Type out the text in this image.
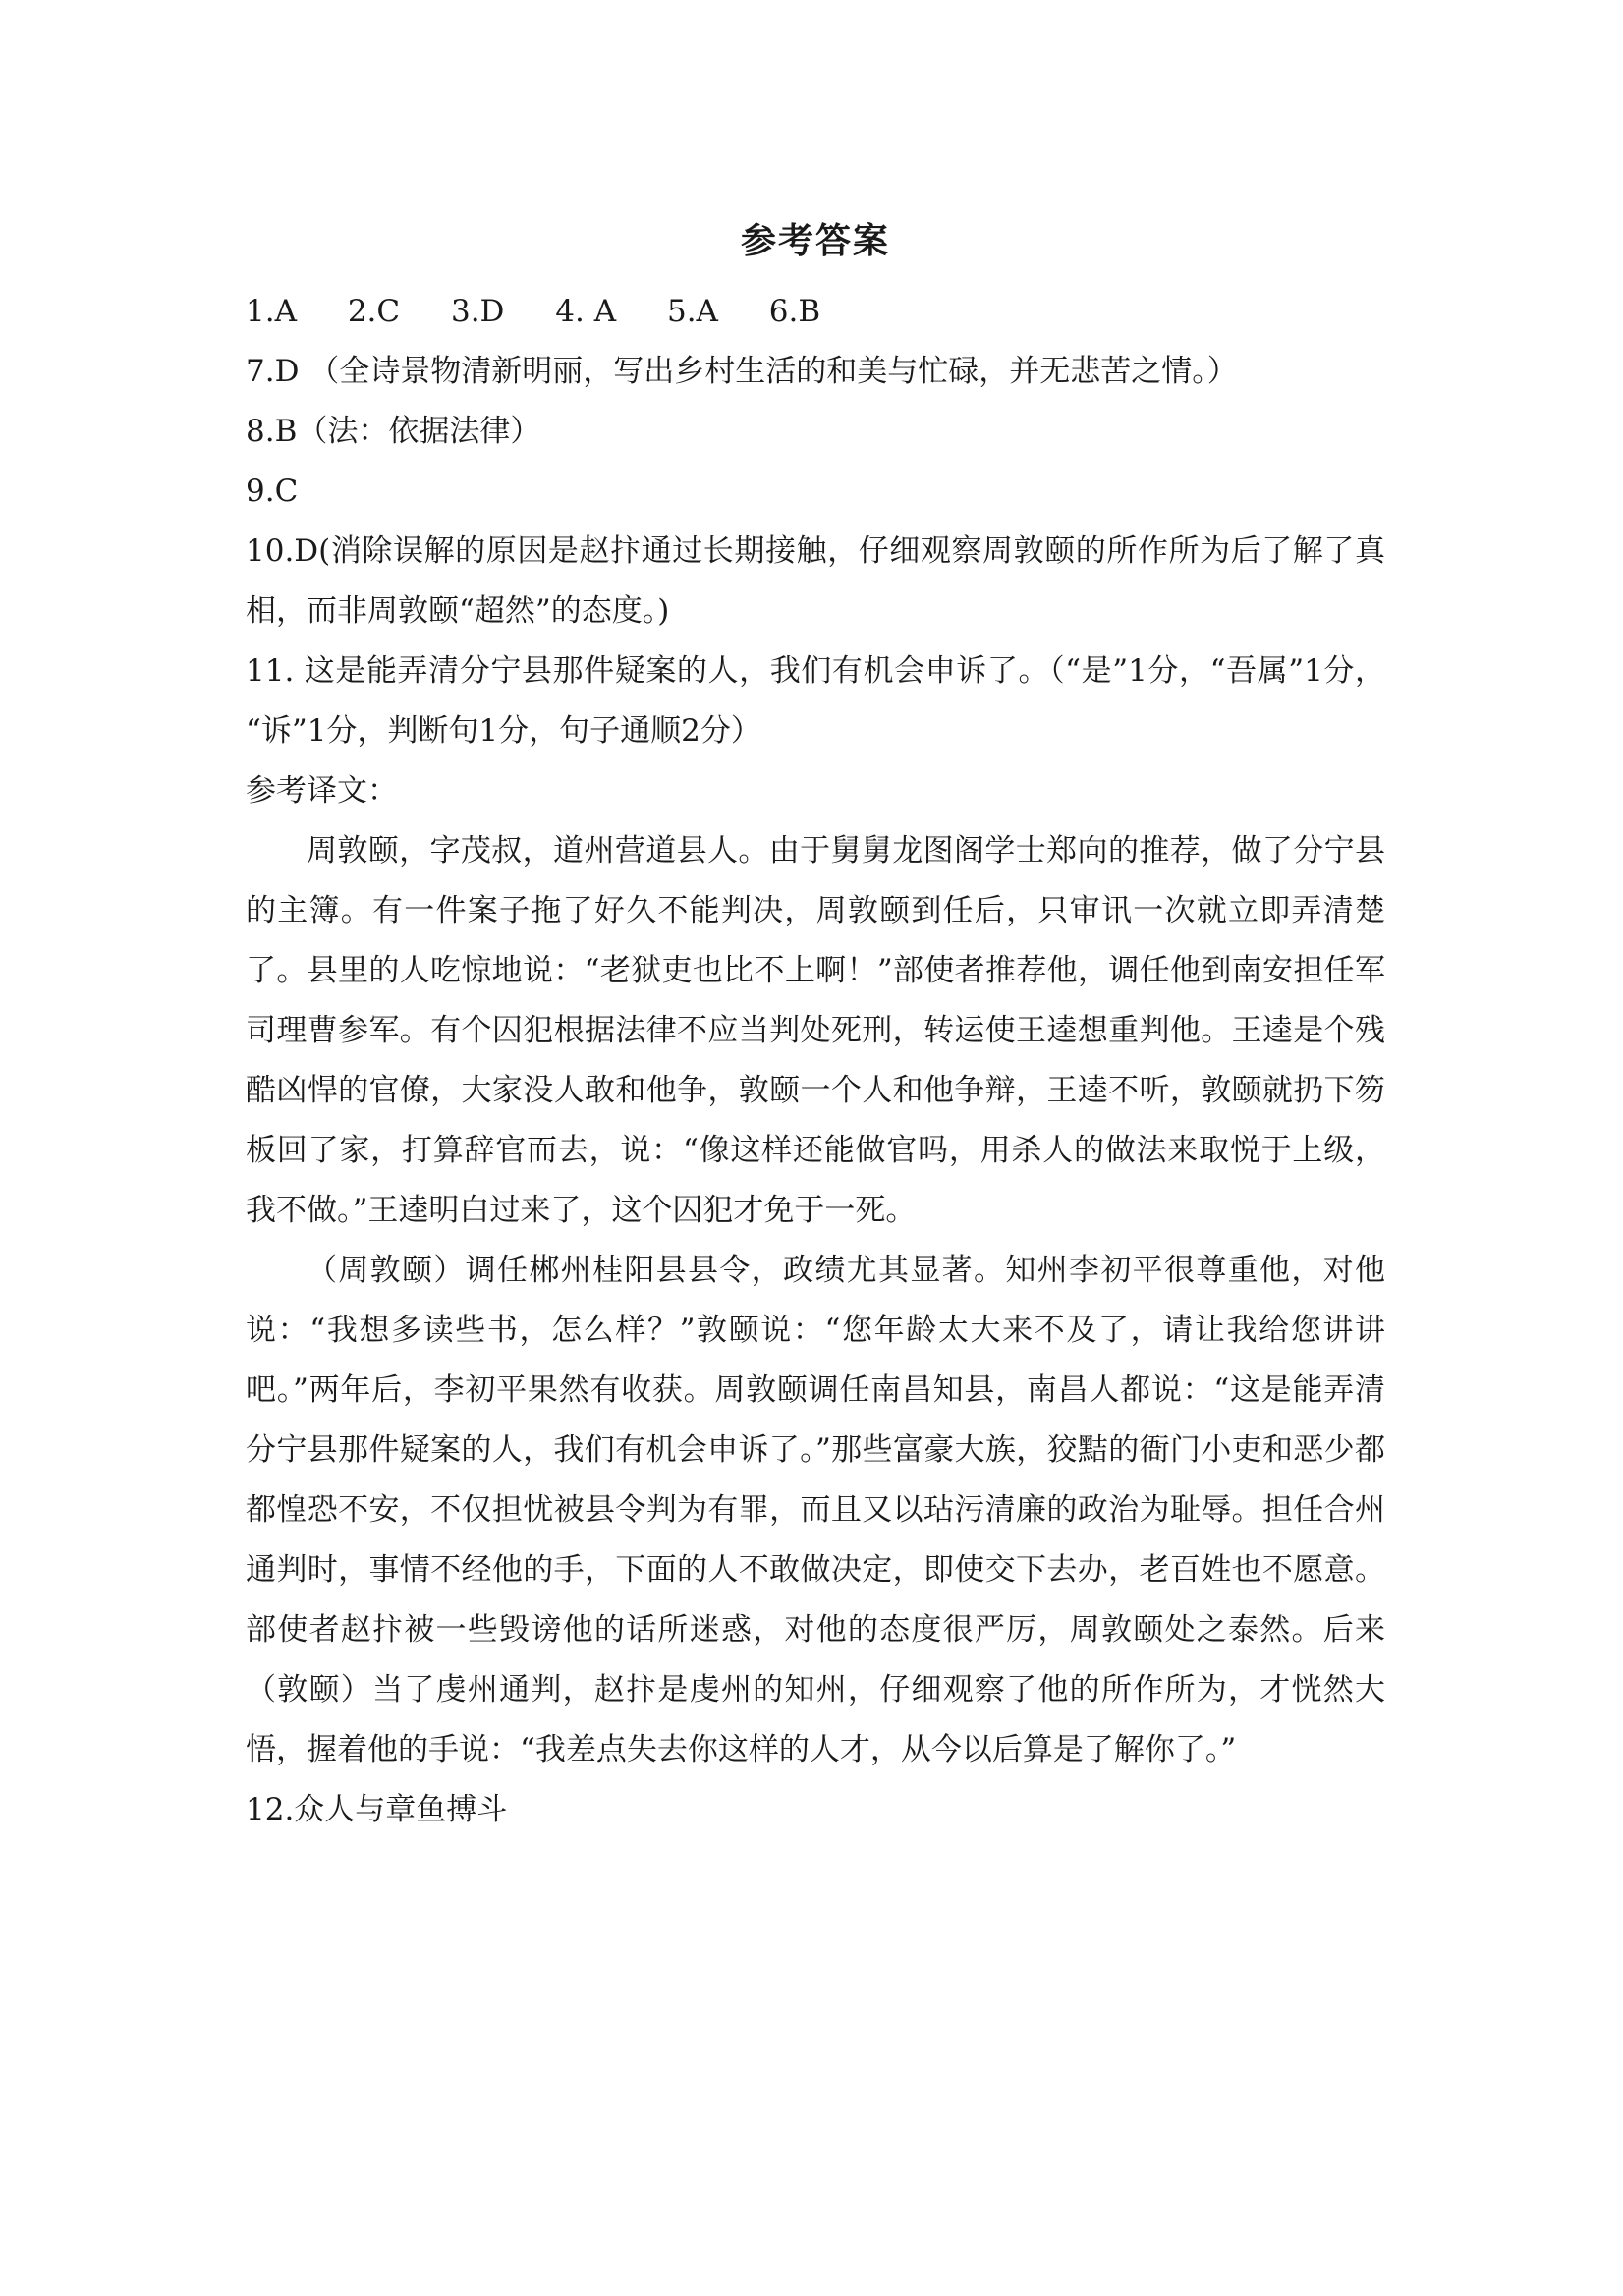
参考答案

1.A 2.C 3.D 4. A 5.A 6.B

7.D （全诗景物清新明丽，写出乡村生活的和美与忙碌，并无悲苦之情。）

8.B（法：依据法律）

9.C

10.D(消除误解的原因是赵抃通过长期接触，仔细观察周敦颐的所作所为后了解了真相，而非周敦颐“超然”的态度。)

11. 这是能弄清分宁县那件疑案的人，我们有机会申诉了。（“是”1分，“吾属”1分， “诉”1分，判断句1分，句子通顺2分）

参考译文：

周敦颐，字茂叔，道州营道县人。由于舅舅龙图阁学士郑向的推荐，做了分宁县的主簿。有一件案子拖了好久不能判决，周敦颐到任后，只审讯一次就立即弄清楚了。县里的人吃惊地说：“老狱吏也比不上啊！”部使者推荐他，调任他到南安担任军司理曹参军。有个囚犯根据法律不应当判处死刑，转运使王逵想重判他。王逵是个残酷凶悍的官僚，大家没人敢和他争，敦颐一个人和他争辩，王逵不听，敦颐就扔下笏板回了家，打算辞官而去，说：“像这样还能做官吗，用杀人的做法来取悦于上级，我不做。”王逵明白过来了，这个囚犯才免于一死。

（周敦颐）调任郴州桂阳县县令，政绩尤其显著。知州李初平很尊重他，对他说：“我想多读些书，怎么样？”敦颐说：“您年龄太大来不及了，请让我给您讲讲吧。”两年后，李初平果然有收获。周敦颐调任南昌知县，南昌人都说：“这是能弄清分宁县那件疑案的人，我们有机会申诉了。”那些富豪大族，狡黠的衙门小吏和恶少都都惶恐不安，不仅担忧被县令判为有罪，而且又以玷污清廉的政治为耻辱。担任合州通判时，事情不经他的手，下面的人不敢做决定，即使交下去办，老百姓也不愿意。部使者赵抃被一些毁谤他的话所迷惑，对他的态度很严厉，周敦颐处之泰然。后来（敦颐）当了虔州通判，赵抃是虔州的知州，仔细观察了他的所作所为，才恍然大悟，握着他的手说：“我差点失去你这样的人才，从今以后算是了解你了。”

12.众人与章鱼搏斗
